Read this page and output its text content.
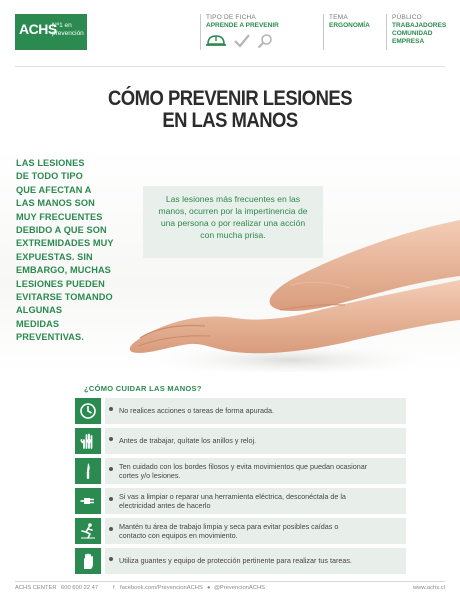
ACHS
Nº1 en prevención
TIPO DE FICHA
APRENDE A PREVENIR
TEMA
ERGONOMÍA
PÚBLICO
TRABAJADORES
COMUNIDAD
EMPRESA
CÓMO PREVENIR LESIONES
EN LAS MANOS
Las lesiones más frecuentes en las
manos, ocurren por la impertinencia de
una persona o por realizar una acción
con mucha prisa.
LAS LESIONES
DE TODO TIPO
QUE AFECTAN A
LAS MANOS SON
MUY FRECUENTES
DEBIDO A QUE SON
EXTREMIDADES MUY
EXPUESTAS. SIN
EMBARGO, MUCHAS
LESIONES PUEDEN
EVITARSE TOMANDO
ALGUNAS
MEDIDAS
PREVENTIVAS.
¿CÓMO CUIDAR LAS MANOS?
No realices acciones o tareas de forma apurada.
Antes de trabajar, quítate los anillos y reloj.
Ten cuidado con los bordes filosos y evita movimientos que puedan ocasionar
cortes y/o lesiones.
Si vas a limpiar o reparar una herramienta eléctrica, desconéctala de la
electricidad antes de hacerlo
Mantén tu área de trabajo limpia y seca para evitar posibles caídas o
contacto con equipos en movimiento.
Utiliza guantes y equipo de protección pertinente para realizar tus tareas.
ACHS CENTER 600 600 22 47	f facebook.com/PrevencionACHS ● @PrevencionACHS	www.achs.cl
